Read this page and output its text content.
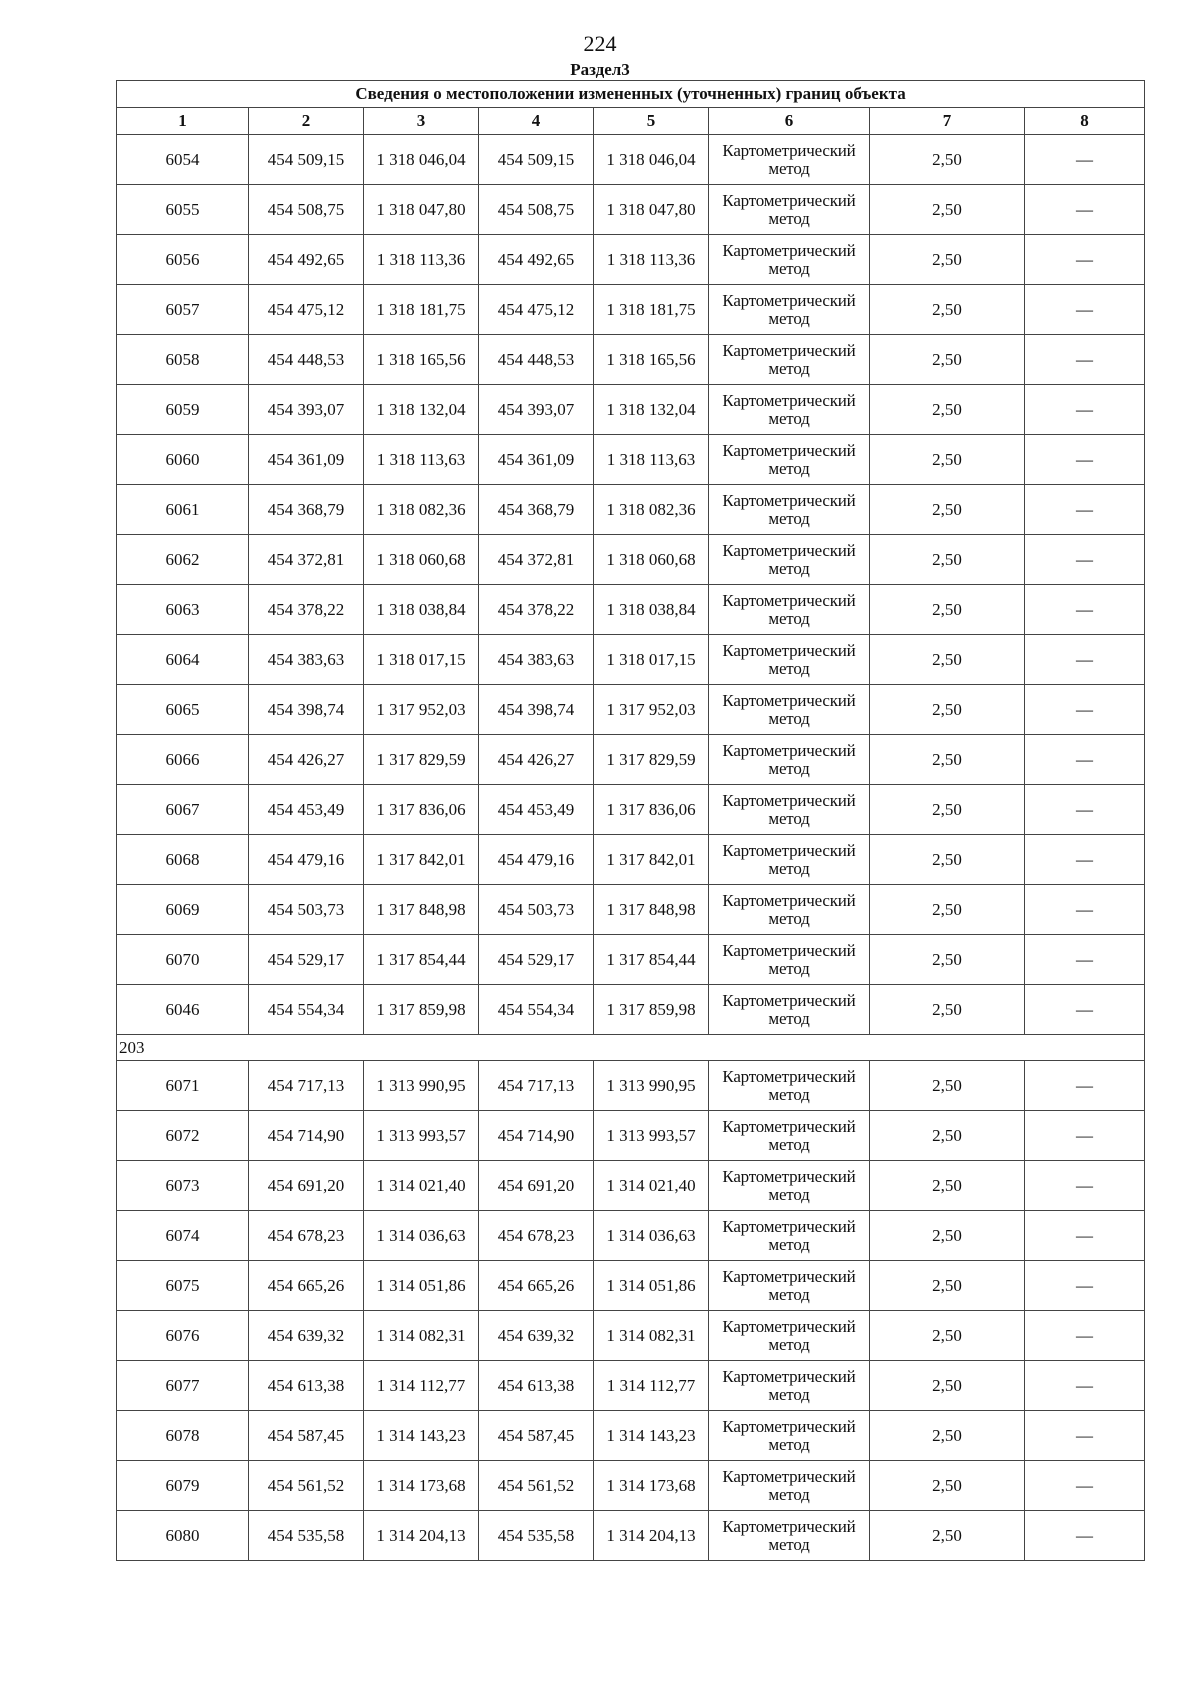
224
Раздел3
Сведения о местоположении измененных (уточненных) границ объекта							
1	2	3	4	5	6	7	8
6054	454 509,15	1 318 046,04	454 509,15	1 318 046,04	Картометрический метод	2,50	—
6055	454 508,75	1 318 047,80	454 508,75	1 318 047,80	Картометрический метод	2,50	—
6056	454 492,65	1 318 113,36	454 492,65	1 318 113,36	Картометрический метод	2,50	—
6057	454 475,12	1 318 181,75	454 475,12	1 318 181,75	Картометрический метод	2,50	—
6058	454 448,53	1 318 165,56	454 448,53	1 318 165,56	Картометрический метод	2,50	—
6059	454 393,07	1 318 132,04	454 393,07	1 318 132,04	Картометрический метод	2,50	—
6060	454 361,09	1 318 113,63	454 361,09	1 318 113,63	Картометрический метод	2,50	—
6061	454 368,79	1 318 082,36	454 368,79	1 318 082,36	Картометрический метод	2,50	—
6062	454 372,81	1 318 060,68	454 372,81	1 318 060,68	Картометрический метод	2,50	—
6063	454 378,22	1 318 038,84	454 378,22	1 318 038,84	Картометрический метод	2,50	—
6064	454 383,63	1 318 017,15	454 383,63	1 318 017,15	Картометрический метод	2,50	—
6065	454 398,74	1 317 952,03	454 398,74	1 317 952,03	Картометрический метод	2,50	—
6066	454 426,27	1 317 829,59	454 426,27	1 317 829,59	Картометрический метод	2,50	—
6067	454 453,49	1 317 836,06	454 453,49	1 317 836,06	Картометрический метод	2,50	—
6068	454 479,16	1 317 842,01	454 479,16	1 317 842,01	Картометрический метод	2,50	—
6069	454 503,73	1 317 848,98	454 503,73	1 317 848,98	Картометрический метод	2,50	—
6070	454 529,17	1 317 854,44	454 529,17	1 317 854,44	Картометрический метод	2,50	—
6046	454 554,34	1 317 859,98	454 554,34	1 317 859,98	Картометрический метод	2,50	—
203							
6071	454 717,13	1 313 990,95	454 717,13	1 313 990,95	Картометрический метод	2,50	—
6072	454 714,90	1 313 993,57	454 714,90	1 313 993,57	Картометрический метод	2,50	—
6073	454 691,20	1 314 021,40	454 691,20	1 314 021,40	Картометрический метод	2,50	—
6074	454 678,23	1 314 036,63	454 678,23	1 314 036,63	Картометрический метод	2,50	—
6075	454 665,26	1 314 051,86	454 665,26	1 314 051,86	Картометрический метод	2,50	—
6076	454 639,32	1 314 082,31	454 639,32	1 314 082,31	Картометрический метод	2,50	—
6077	454 613,38	1 314 112,77	454 613,38	1 314 112,77	Картометрический метод	2,50	—
6078	454 587,45	1 314 143,23	454 587,45	1 314 143,23	Картометрический метод	2,50	—
6079	454 561,52	1 314 173,68	454 561,52	1 314 173,68	Картометрический метод	2,50	—
6080	454 535,58	1 314 204,13	454 535,58	1 314 204,13	Картометрический метод	2,50	—
